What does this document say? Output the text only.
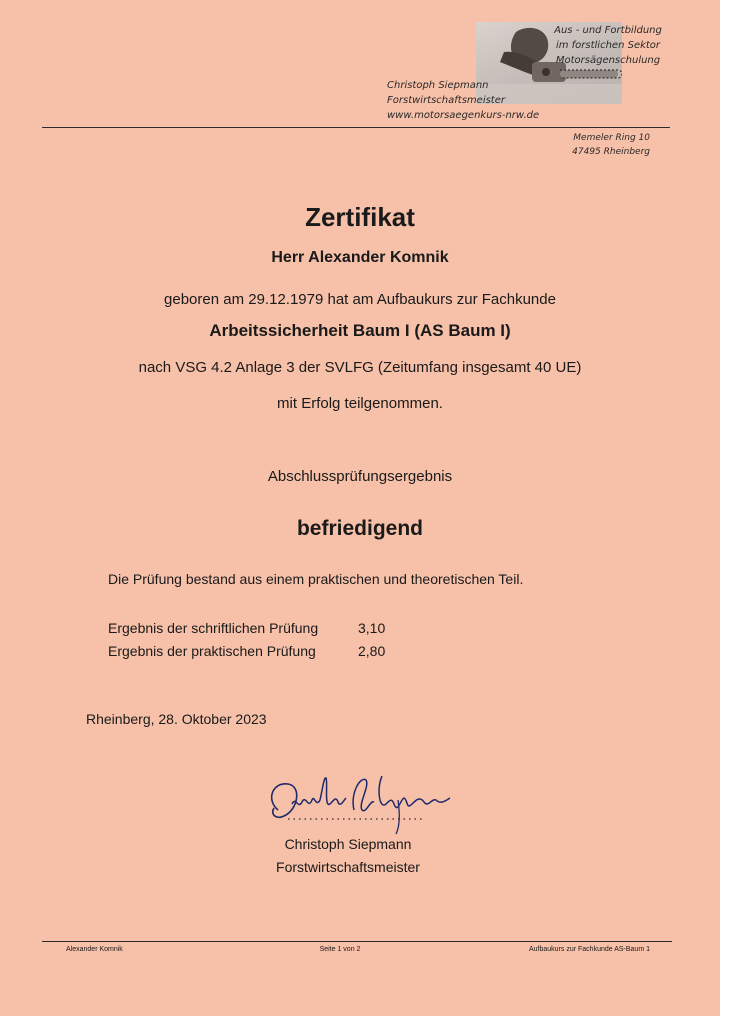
Aus - und Fortbildung
im forstlichen Sektor
Motorsägenschulung
Christoph Siepmann
Forstwirtschaftsmeister
www.motorsaegenkurs-nrw.de
Memeler Ring 10
47495 Rheinberg
Zertifikat
Herr Alexander Komnik
geboren am 29.12.1979 hat am Aufbaukurs zur Fachkunde
Arbeitssicherheit Baum I (AS Baum I)
nach VSG 4.2 Anlage 3 der SVLFG (Zeitumfang insgesamt 40 UE)
mit Erfolg teilgenommen.
Abschlussprüfungsergebnis
befriedigend
Die Prüfung bestand aus einem praktischen und theoretischen Teil.
Ergebnis der schriftlichen Prüfung	3,10
Ergebnis der praktischen Prüfung	2,80
Rheinberg, 28. Oktober 2023
Christoph Siepmann
Forstwirtschaftsmeister
Alexander Komnik	Seite 1 von 2	Aufbaukurs zur Fachkunde AS-Baum 1
